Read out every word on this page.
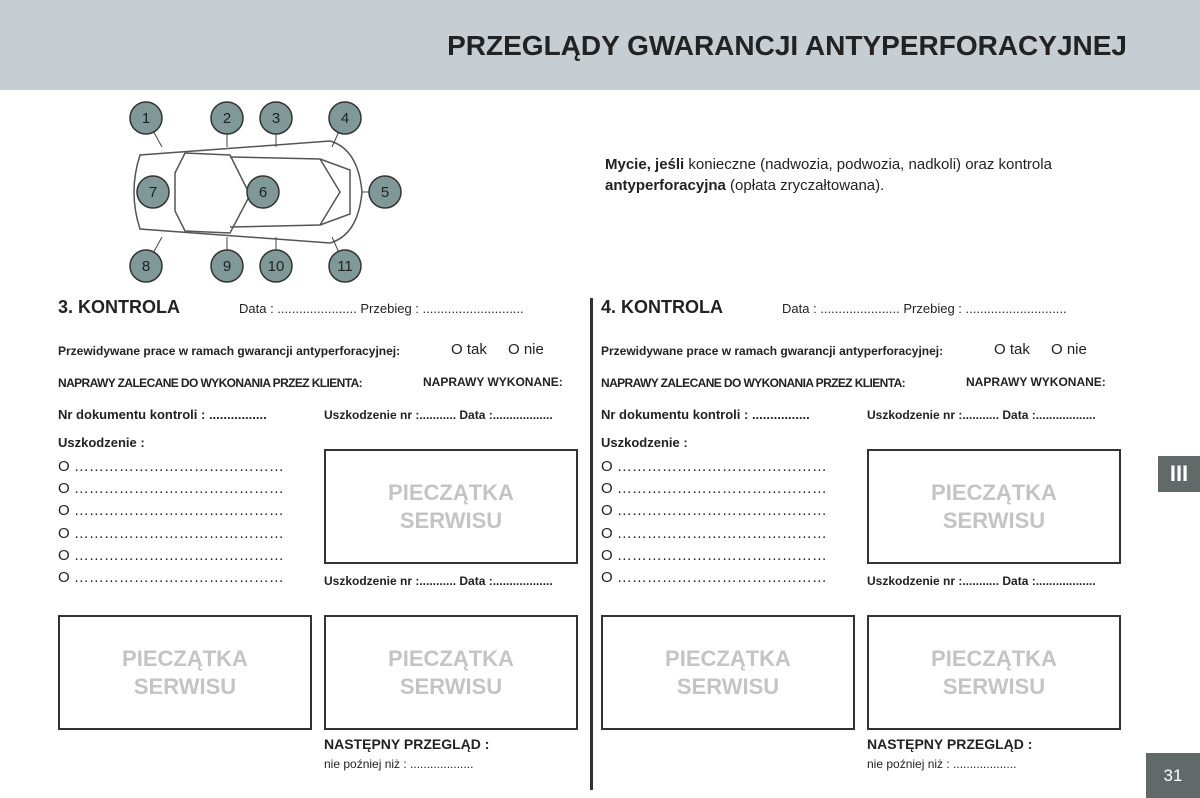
PRZEGLĄDY GWARANCJI ANTYPERFORACYJNEJ
1	2	3	4
5
6
7
8	9 10	11
Mycie, jeśli konieczne (nadwozia, podwozia, nadkoli) oraz kontrola antyperforacyjna (opłata zryczałtowana).
3. KONTROLA	Data : ...................... Przebieg : ............................
Przewidywane prace w ramach gwarancji antyperforacyjnej:	O tak O nie
NAPRAWY ZALECANE DO WYKONANIA PRZEZ KLIENTA:	NAPRAWY WYKONANE:
Nr dokumentu kontroli : ................	Uszkodzenie nr :........... Data :..................
Uszkodzenie :
O ……………………………………
O ……………………………………
O ……………………………………
O ……………………………………
O ……………………………………
O ……………………………………
PIECZĄTKA SERWISU
Uszkodzenie nr :........... Data :..................
PIECZĄTKA SERWISU
PIECZĄTKA SERWISU
NASTĘPNY PRZEGLĄD :
nie poźniej niż : ...................
4. KONTROLA	Data : ...................... Przebieg : ............................
Przewidywane prace w ramach gwarancji antyperforacyjnej:	O tak O nie
NAPRAWY ZALECANE DO WYKONANIA PRZEZ KLIENTA:	NAPRAWY WYKONANE:
Nr dokumentu kontroli : ................	Uszkodzenie nr :........... Data :..................
Uszkodzenie :
O ……………………………………
O ……………………………………
O ……………………………………
O ……………………………………
O ……………………………………
O ……………………………………
PIECZĄTKA SERWISU
Uszkodzenie nr :........... Data :..................
PIECZĄTKA SERWISU
PIECZĄTKA SERWISU
NASTĘPNY PRZEGLĄD :
nie poźniej niż : ...................
III
31
